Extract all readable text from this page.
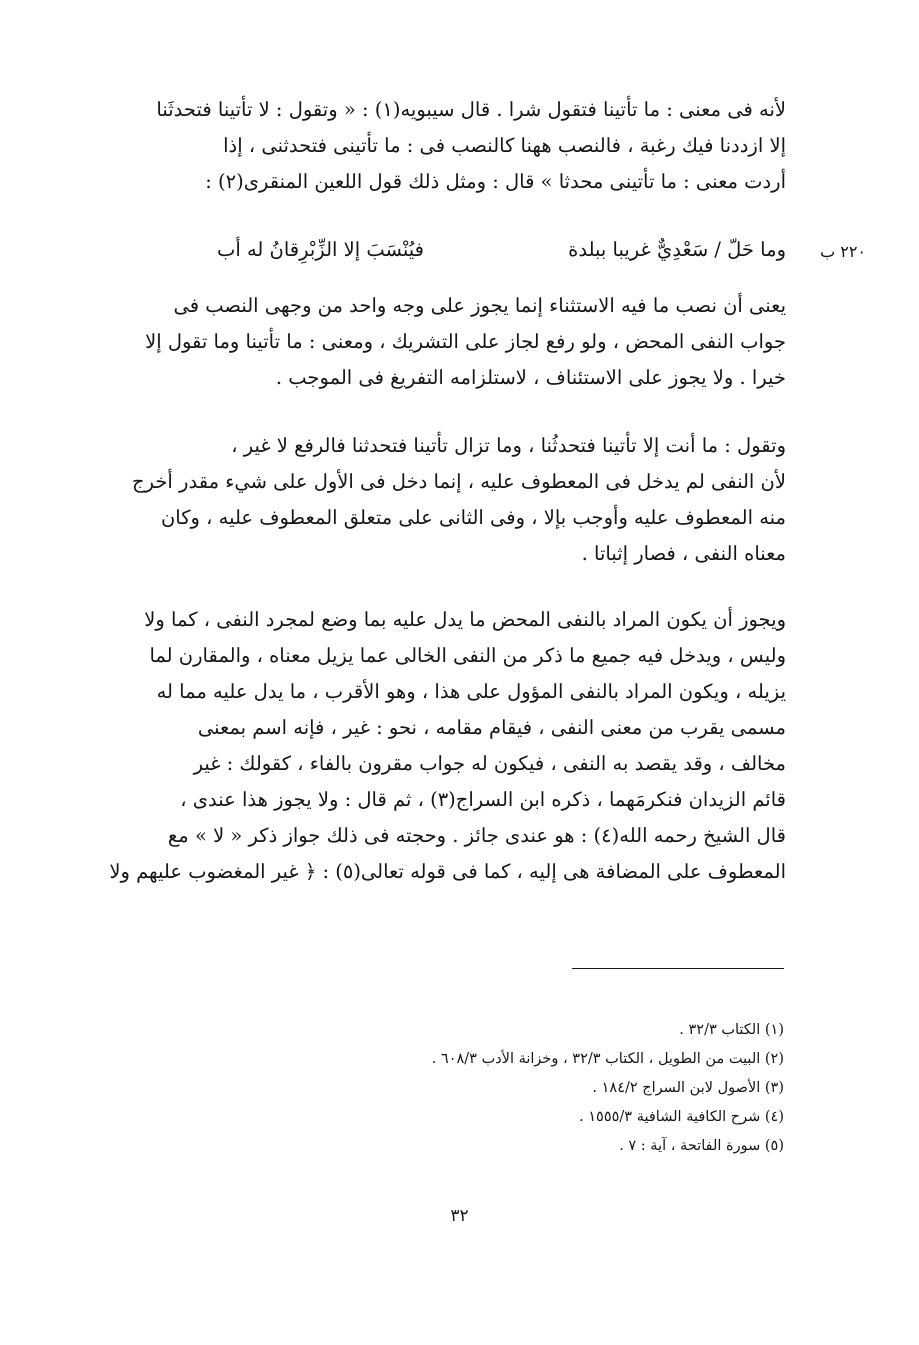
لأنه فى معنى : ما تأتينا فتقول شرا . قال سيبويه(١) : « وتقول : لا تأتينا فتحدثَنا
إلا ازددنا فيك رغبة ، فالنصب ههنا كالنصب فى : ما تأتينى فتحدثنى ، إذا
أردت معنى : ما تأتينى محدثا » قال : ومثل ذلك قول اللعين المنقرى(٢) :
وما حَلّ / سَعْدِيٌّ غريبا ببلدة
فيُنْسَبَ إلا الزِّبْرِقانُ له أب	٢٢٠ ب
يعنى أن نصب ما فيه الاستثناء إنما يجوز على وجه واحد من وجهى النصب فى
جواب النفى المحض ، ولو رفع لجاز على التشريك ، ومعنى : ما تأتينا وما تقول إلا
خيرا . ولا يجوز على الاستئناف ، لاستلزامه التفريغ فى الموجب .
وتقول : ما أنت إلا تأتينا فتحدثُنا ، وما تزال تأتينا فتحدثنا فالرفع لا غير ،
لأن النفى لم يدخل فى المعطوف عليه ، إنما دخل فى الأول على شيء مقدر أخرج
منه المعطوف عليه وأوجب بإلا ، وفى الثانى على متعلق المعطوف عليه ، وكان
معناه النفى ، فصار إثباتا .
ويجوز أن يكون المراد بالنفى المحض ما يدل عليه بما وضع لمجرد النفى ، كما ولا
وليس ، ويدخل فيه جميع ما ذكر من النفى الخالى عما يزيل معناه ، والمقارن لما
يزيله ، ويكون المراد بالنفى المؤول على هذا ، وهو الأقرب ، ما يدل عليه مما له
مسمى يقرب من معنى النفى ، فيقام مقامه ، نحو : غير ، فإنه اسم بمعنى
مخالف ، وقد يقصد به النفى ، فيكون له جواب مقرون بالفاء ، كقولك : غير
قائم الزيدان فنكرمَهما ، ذكره ابن السراج(٣) ، ثم قال : ولا يجوز هذا عندى ،
قال الشيخ رحمه الله(٤) : هو عندى جائز . وحجته فى ذلك جواز ذكر « لا » مع
المعطوف على المضافة هى إليه ، كما فى قوله تعالى(٥) : ﴿ غير المغضوب عليهم ولا
(١) الكتاب ٣٢/٣ .
(٢) البيت من الطويل ، الكتاب ٣٢/٣ ، وخزانة الأدب ٦٠٨/٣ .
(٣) الأصول لابن السراج ١٨٤/٢ .
(٤) شرح الكافية الشافية ١٥٥٥/٣ .
(٥) سورة الفاتحة ، آية : ٧ .
٣٢
